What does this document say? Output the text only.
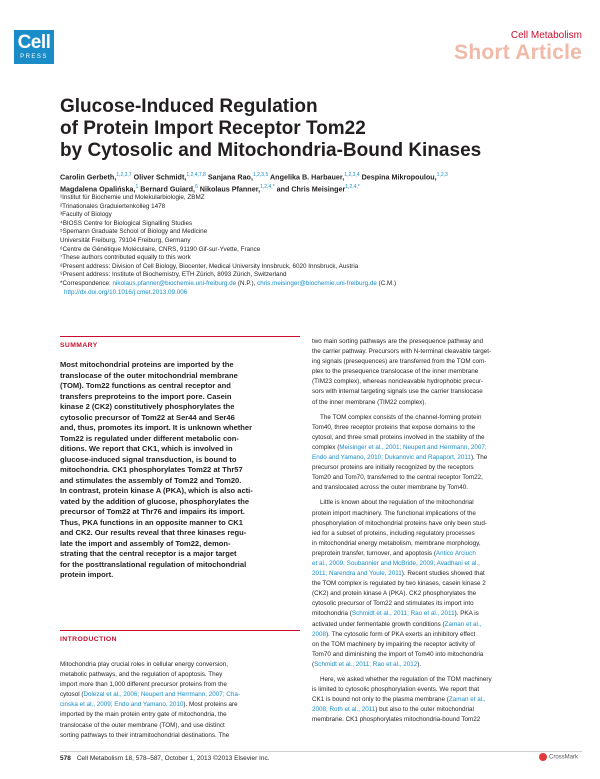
Cell
PRESS
Cell Metabolism
Short Article
Glucose-Induced Regulation
of Protein Import Receptor Tom22
by Cytosolic and Mitochondria-Bound Kinases
Carolin Gerbeth,$^{1,2,3,7}$ Oliver Schmidt,$^{1,2,4,7,8}$ Sanjana Rao,$^{1,2,3,5}$ Angelika B. Harbauer,$^{1,2,3,4}$ Despina Mikropoulou,$^{1,2,3}$
Magdalena Opalińska,$^1$ Bernard Guiard,$^6$ Nikolaus Pfanner,$^{1,2,4,*}$ and Chris Meisinger$^{1,2,4,*}$
¹Institut für Biochemie und Molekularbiologie, ZBMZ
²Trinationales Graduiertenkolleg 1478
³Faculty of Biology
⁴BIOSS Centre for Biological Signalling Studies
⁵Spemann Graduate School of Biology and Medicine
Universität Freiburg, 79104 Freiburg, Germany
⁶Centre de Génétique Moléculaire, CNRS, 91190 Gif-sur-Yvette, France
⁷These authors contributed equally to this work
⁸Present address: Division of Cell Biology, Biocenter, Medical University Innsbruck, 6020 Innsbruck, Austria
⁹Present address: Institute of Biochemistry, ETH Zürich, 8093 Zürich, Switzerland
*Correspondence: nikolaus.pfanner@biochemie.uni-freiburg.de (N.P.), chris.meisinger@biochemie.uni-freiburg.de (C.M.)
http://dx.doi.org/10.1016/j.cmet.2013.09.006
SUMMARY
Most mitochondrial proteins are imported by the
translocase of the outer mitochondrial membrane
(TOM). Tom22 functions as central receptor and
transfers preproteins to the import pore. Casein
kinase 2 (CK2) constitutively phosphorylates the
cytosolic precursor of Tom22 at Ser44 and Ser46
and, thus, promotes its import. It is unknown whether
Tom22 is regulated under different metabolic con-
ditions. We report that CK1, which is involved in
glucose-induced signal transduction, is bound to
mitochondria. CK1 phosphorylates Tom22 at Thr57
and stimulates the assembly of Tom22 and Tom20.
In contrast, protein kinase A (PKA), which is also acti-
vated by the addition of glucose, phosphorylates the
precursor of Tom22 at Thr76 and impairs its import.
Thus, PKA functions in an opposite manner to CK1
and CK2. Our results reveal that three kinases regu-
late the import and assembly of Tom22, demon-
strating that the central receptor is a major target
for the posttranslational regulation of mitochondrial
protein import.
INTRODUCTION
Mitochondria play crucial roles in cellular energy conversion,
metabolic pathways, and the regulation of apoptosis. They
import more than 1,000 different precursor proteins from the
cytosol (Dolezal et al., 2006; Neupert and Herrmann, 2007; Cha-
cinska et al., 2009; Endo and Yamano, 2010). Most proteins are
imported by the main protein entry gate of mitochondria, the
translocase of the outer membrane (TOM), and use distinct
sorting pathways to their intramitochondrial destinations. The
two main sorting pathways are the presequence pathway and
the carrier pathway. Precursors with N-terminal cleavable target-
ing signals (presequences) are transferred from the TOM com-
plex to the presequence translocase of the inner membrane
(TIM23 complex), whereas noncleavable hydrophobic precur-
sors with internal targeting signals use the carrier translocase
of the inner membrane (TIM22 complex).
The TOM complex consists of the channel-forming protein
Tom40, three receptor proteins that expose domains to the
cytosol, and three small proteins involved in the stability of the
complex (Meisinger et al., 2001; Neupert and Herrmann, 2007;
Endo and Yamano, 2010; Dukanovic and Rapaport, 2011). The
precursor proteins are initially recognized by the receptors
Tom20 and Tom70, transferred to the central receptor Tom22,
and translocated across the outer membrane by Tom40.
Little is known about the regulation of the mitochondrial
protein import machinery. The functional implications of the
phosphorylation of mitochondrial proteins have only been stud-
ied for a subset of proteins, including regulatory processes
in mitochondrial energy metabolism, membrane morphology,
preprotein transfer, turnover, and apoptosis (Antico Arciuch
et al., 2009; Soubannier and McBride, 2009; Avadhani et al.,
2011; Narendra and Youle, 2011). Recent studies showed that
the TOM complex is regulated by two kinases, casein kinase 2
(CK2) and protein kinase A (PKA). CK2 phosphorylates the
cytosolic precursor of Tom22 and stimulates its import into
mitochondria (Schmidt et al., 2011; Rao et al., 2011). PKA is
activated under fermentable growth conditions (Zaman et al.,
2008). The cytosolic form of PKA exerts an inhibitory effect
on the TOM machinery by impairing the receptor activity of
Tom70 and diminishing the import of Tom40 into mitochondria
(Schmidt et al., 2011; Rao et al., 2012).
Here, we asked whether the regulation of the TOM machinery
is limited to cytosolic phosphorylation events. We report that
CK1 is bound not only to the plasma membrane (Zaman et al.,
2008; Roth et al., 2011) but also to the outer mitochondrial
membrane. CK1 phosphorylates mitochondria-bound Tom22
578 Cell Metabolism 18, 578–587, October 1, 2013 ©2013 Elsevier Inc.	CrossMark
